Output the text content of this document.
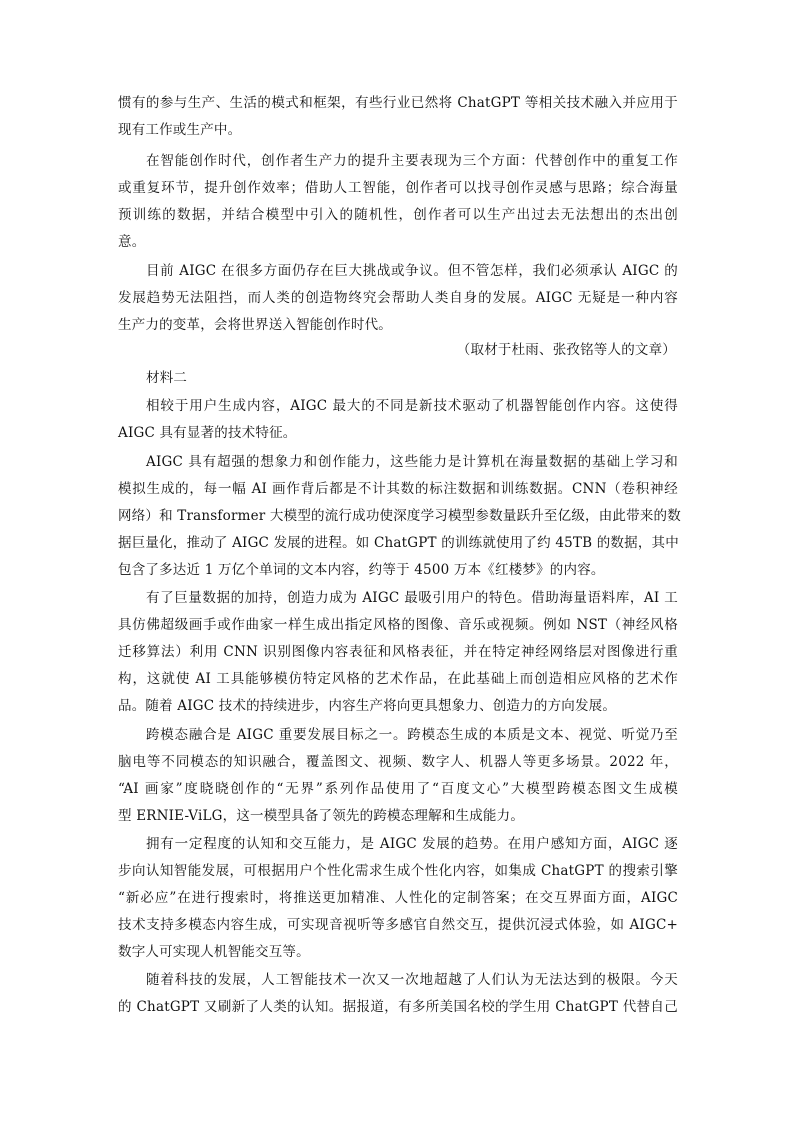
惯有的参与生产、生活的模式和框架，有些行业已然将 ChatGPT 等相关技术融入并应用于
现有工作或生产中。
在智能创作时代，创作者生产力的提升主要表现为三个方面：代替创作中的重复工作
或重复环节，提升创作效率；借助人工智能，创作者可以找寻创作灵感与思路；综合海量
预训练的数据，并结合模型中引入的随机性，创作者可以生产出过去无法想出的杰出创
意。
目前 AIGC 在很多方面仍存在巨大挑战或争议。但不管怎样，我们必须承认 AIGC 的
发展趋势无法阻挡，而人类的创造物终究会帮助人类自身的发展。AIGC 无疑是一种内容
生产力的变革，会将世界送入智能创作时代。
（取材于杜雨、张孜铭等人的文章）
材料二
相较于用户生成内容，AIGC 最大的不同是新技术驱动了机器智能创作内容。这使得
AIGC 具有显著的技术特征。
AIGC 具有超强的想象力和创作能力，这些能力是计算机在海量数据的基础上学习和
模拟生成的，每一幅 AI 画作背后都是不计其数的标注数据和训练数据。CNN（卷积神经
网络）和 Transformer 大模型的流行成功使深度学习模型参数量跃升至亿级，由此带来的数
据巨量化，推动了 AIGC 发展的进程。如 ChatGPT 的训练就使用了约 45TB 的数据，其中
包含了多达近 1 万亿个单词的文本内容，约等于 4500 万本《红楼梦》的内容。
有了巨量数据的加持，创造力成为 AIGC 最吸引用户的特色。借助海量语料库，AI 工
具仿佛超级画手或作曲家一样生成出指定风格的图像、音乐或视频。例如 NST（神经风格
迁移算法）利用 CNN 识别图像内容表征和风格表征，并在特定神经网络层对图像进行重
构，这就使 AI 工具能够模仿特定风格的艺术作品，在此基础上而创造相应风格的艺术作
品。随着 AIGC 技术的持续进步，内容生产将向更具想象力、创造力的方向发展。
跨模态融合是 AIGC 重要发展目标之一。跨模态生成的本质是文本、视觉、听觉乃至
脑电等不同模态的知识融合，覆盖图文、视频、数字人、机器人等更多场景。2022 年，
“AI 画家”度晓晓创作的“无界”系列作品使用了“百度文心”大模型跨模态图文生成模
型 ERNIE-ViLG，这一模型具备了领先的跨模态理解和生成能力。
拥有一定程度的认知和交互能力，是 AIGC 发展的趋势。在用户感知方面，AIGC 逐
步向认知智能发展，可根据用户个性化需求生成个性化内容，如集成 ChatGPT 的搜索引擎
“新必应”在进行搜索时，将推送更加精准、人性化的定制答案；在交互界面方面，AIGC
技术支持多模态内容生成，可实现音视听等多感官自然交互，提供沉浸式体验，如 AIGC+
数字人可实现人机智能交互等。
随着科技的发展，人工智能技术一次又一次地超越了人们认为无法达到的极限。今天
的 ChatGPT 又刷新了人类的认知。据报道，有多所美国名校的学生用 ChatGPT 代替自己
